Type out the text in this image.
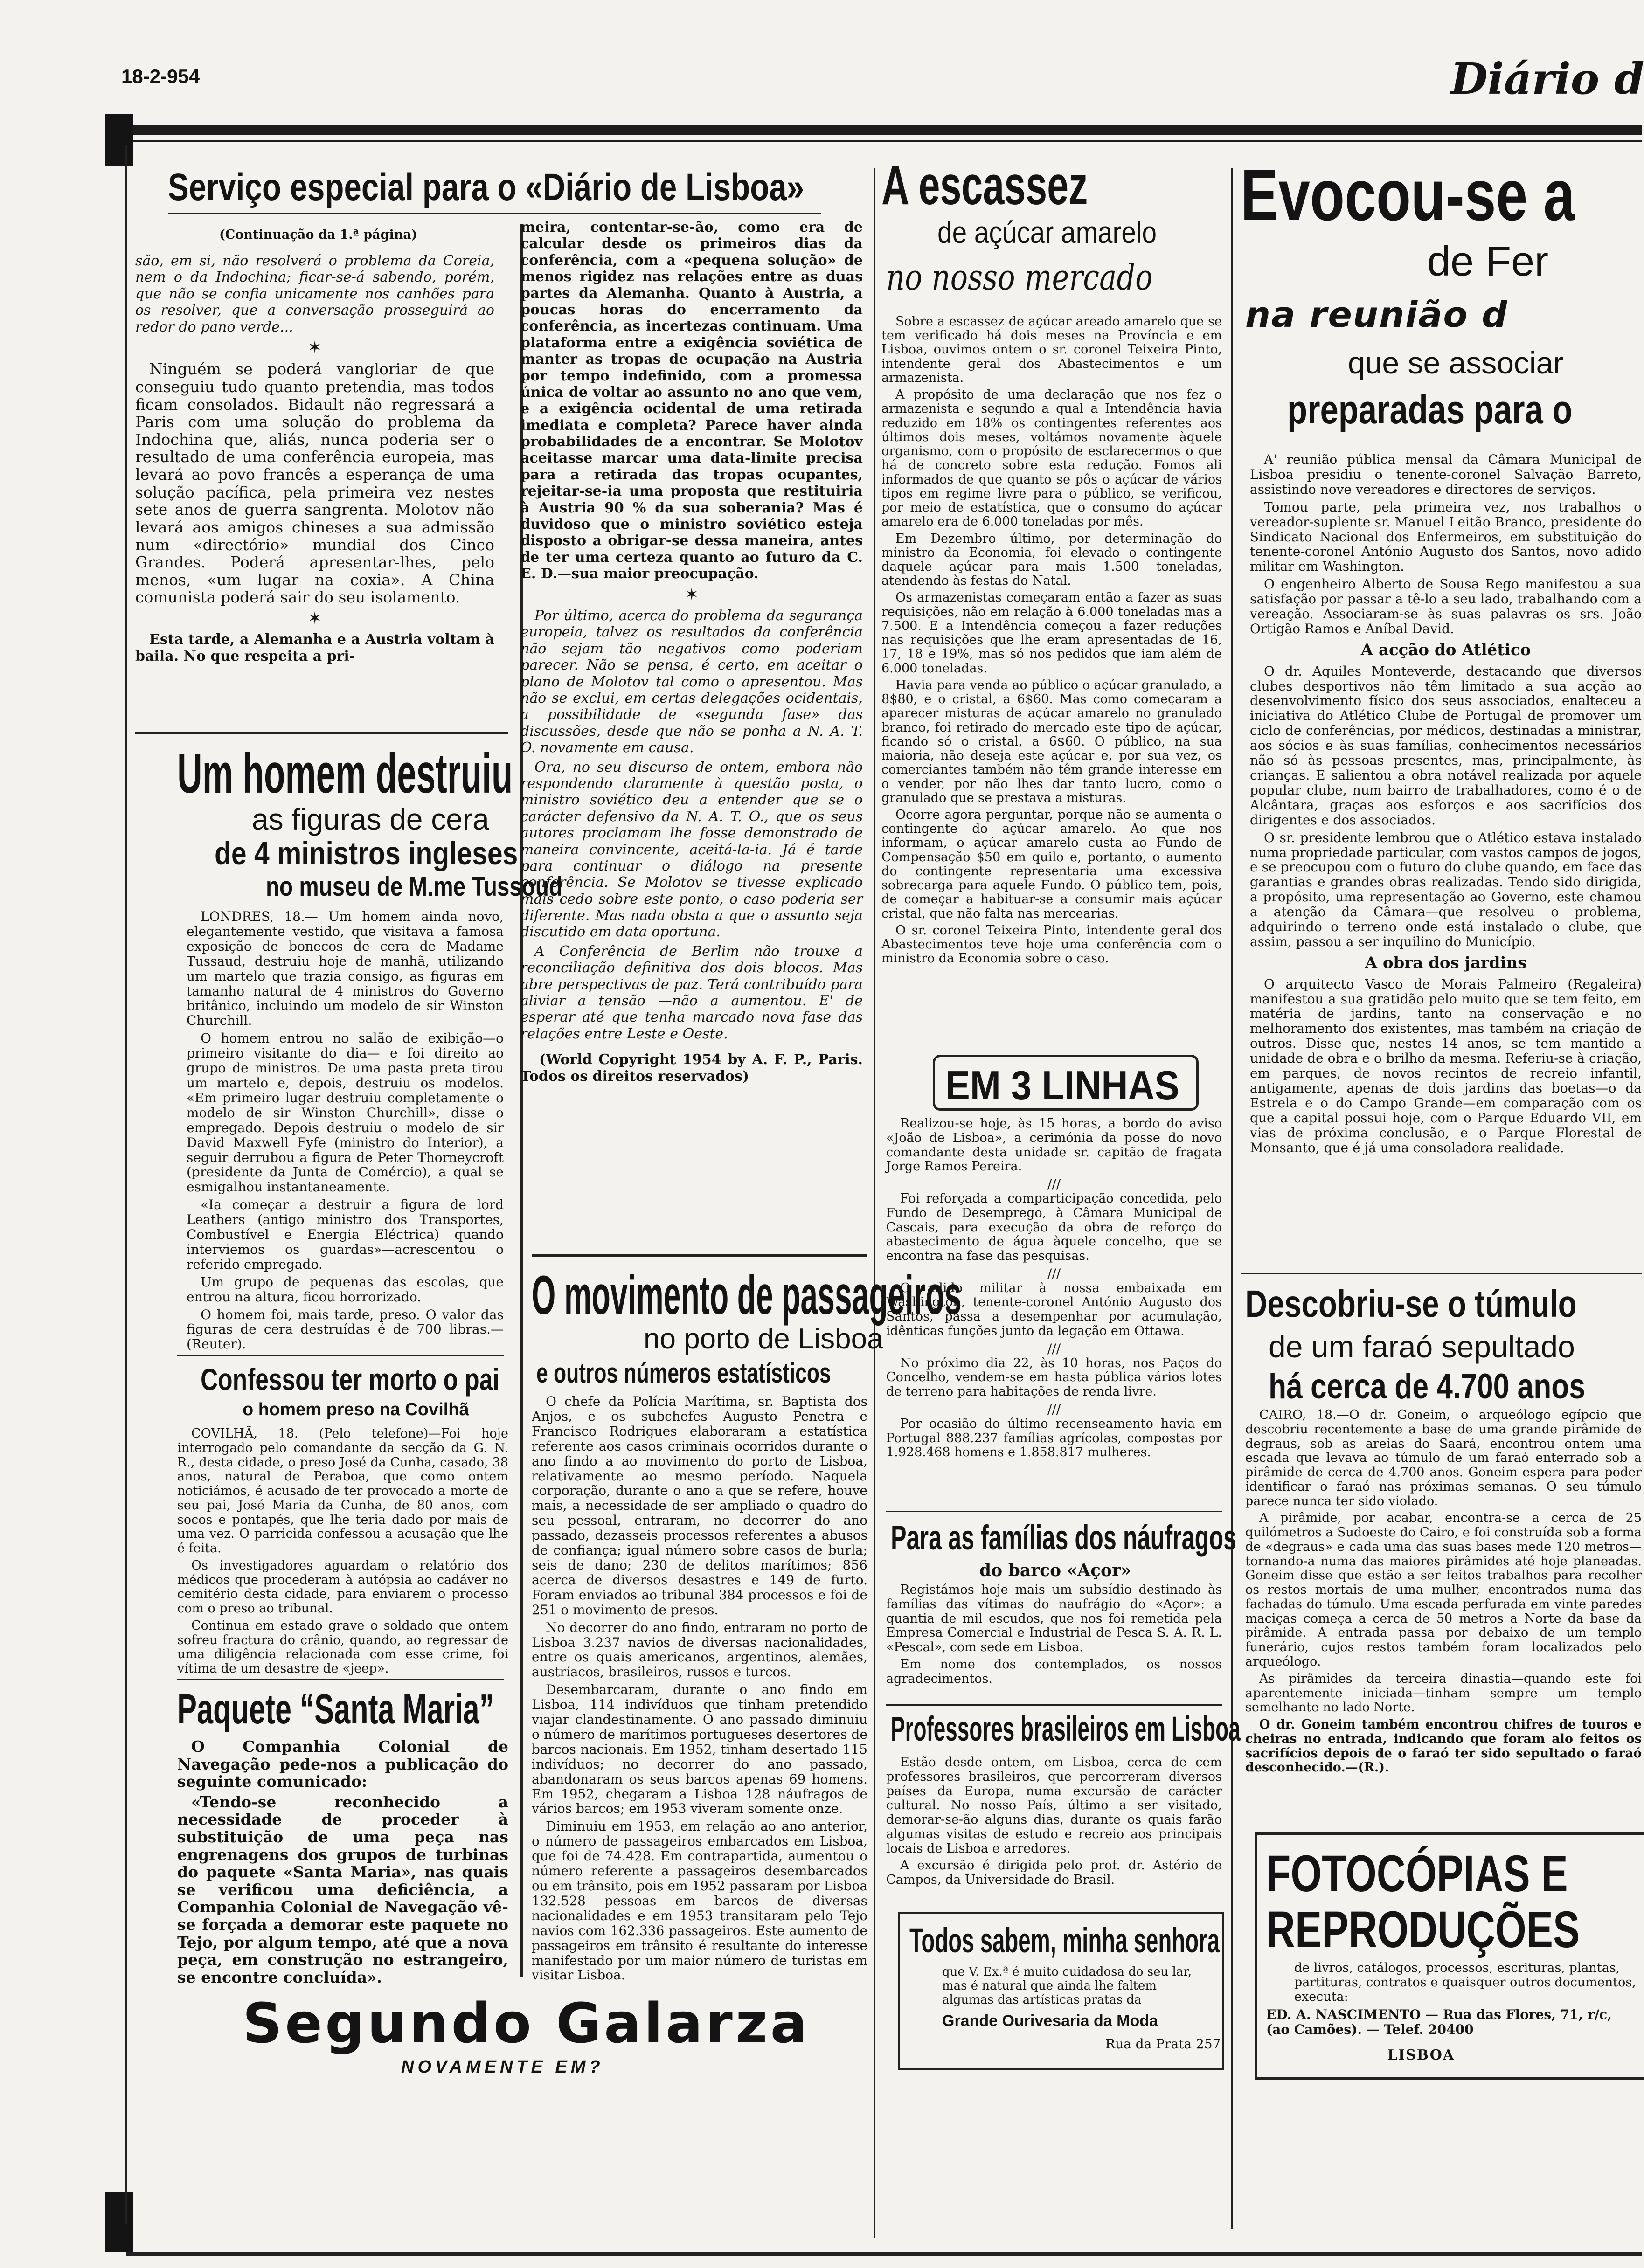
18-2-954	Diário d
Serviço especial para o «Diário de Lisboa»
(Continuação da 1.ª página)

são, em si, não resolverá o problema da Coreia, nem o da Indochina; ficar-se-á sabendo, porém, que não se confia unicamente nos canhões para os resolver, que a conversação prosseguirá ao redor do pano verde...

✶

Ninguém se poderá vangloriar de que conseguiu tudo quanto pretendia, mas todos ficam consolados. Bidault não regressará a Paris com uma solução do problema da Indochina que, aliás, nunca poderia ser o resultado de uma conferência europeia, mas levará ao povo francês a esperança de uma solução pacífica, pela primeira vez nestes sete anos de guerra sangrenta. Molotov não levará aos amigos chineses a sua admissão num «directório» mundial dos Cinco Grandes. Poderá apresentar-lhes, pelo menos, «um lugar na coxia». A China comunista poderá sair do seu isolamento.

✶

Esta tarde, a Alemanha e a Austria voltam à baila. No que respeita a pri-

meira, contentar-se-ão, como era de calcular desde os primeiros dias da conferência, com a «pequena solução» de menos rigidez nas relações entre as duas partes da Alemanha. Quanto à Austria, a poucas horas do encerramento da conferência, as incertezas continuam. Uma plataforma entre a exigência soviética de manter as tropas de ocupação na Austria por tempo indefinido, com a promessa única de voltar ao assunto no ano que vem, e a exigência ocidental de uma retirada imediata e completa? Parece haver ainda probabilidades de a encontrar. Se Molotov aceitasse marcar uma data-limite precisa para a retirada das tropas ocupantes, rejeitar-se-ia uma proposta que restituiria à Austria 90 % da sua soberania? Mas é duvidoso que o ministro soviético esteja disposto a obrigar-se dessa maneira, antes de ter uma certeza quanto ao futuro da C. E. D.—sua maior preocupação.

✶

Por último, acerca do problema da segurança europeia, talvez os resultados da conferência não sejam tão negativos como poderiam parecer. Não se pensa, é certo, em aceitar o plano de Molotov tal como o apresentou. Mas não se exclui, em certas delegações ocidentais, a possibilidade de «segunda fase» das discussões, desde que não se ponha a N. A. T. O. novamente em causa.

Ora, no seu discurso de ontem, embora não respondendo claramente à questão posta, o ministro soviético deu a entender que se o carácter defensivo da N. A. T. O., que os seus autores proclamam lhe fosse demonstrado de maneira convincente, aceitá-la-ia. Já é tarde para continuar o diálogo na presente conferência. Se Molotov se tivesse explicado mais cedo sobre este ponto, o caso poderia ser diferente. Mas nada obsta a que o assunto seja discutido em data oportuna.

A Conferência de Berlim não trouxe a reconciliação definitiva dos dois blocos. Mas abre perspectivas de paz. Terá contribuído para aliviar a tensão —não a aumentou. E' de esperar até que tenha marcado nova fase das relações entre Leste e Oeste.

(World Copyright 1954 by A. F. P., Paris. Todos os direitos reservados)

Um homem destruiu
as figuras de cera
de 4 ministros ingleses
no museu de M.me Tussoud

LONDRES, 18.— Um homem ainda novo, elegantemente vestido, que visitava a famosa exposição de bonecos de cera de Madame Tussaud, destruiu hoje de manhã, utilizando um martelo que trazia consigo, as figuras em tamanho natural de 4 ministros do Governo britânico, incluindo um modelo de sir Winston Churchill.

O homem entrou no salão de exibição—o primeiro visitante do dia— e foi direito ao grupo de ministros. De uma pasta preta tirou um martelo e, depois, destruiu os modelos. «Em primeiro lugar destruiu completamente o modelo de sir Winston Churchill», disse o empregado. Depois destruiu o modelo de sir David Maxwell Fyfe (ministro do Interior), a seguir derrubou a figura de Peter Thorneycroft (presidente da Junta de Comércio), a qual se esmigalhou instantaneamente.

«Ia começar a destruir a figura de lord Leathers (antigo ministro dos Transportes, Combustível e Energia Eléctrica) quando interviemos os guardas»—acrescentou o referido empregado.

Um grupo de pequenas das escolas, que entrou na altura, ficou horrorizado.

O homem foi, mais tarde, preso. O valor das figuras de cera destruídas é de 700 libras.—(Reuter).

Confessou ter morto o pai
o homem preso na Covilhã

COVILHÃ, 18. (Pelo telefone)—Foi hoje interrogado pelo comandante da secção da G. N. R., desta cidade, o preso José da Cunha, casado, 38 anos, natural de Peraboa, que como ontem noticiámos, é acusado de ter provocado a morte de seu pai, José Maria da Cunha, de 80 anos, com socos e pontapés, que lhe teria dado por mais de uma vez. O parricida confessou a acusação que lhe é feita.

Os investigadores aguardam o relatório dos médicos que procederam à autópsia ao cadáver no cemitério desta cidade, para enviarem o processo com o preso ao tribunal.

Continua em estado grave o soldado que ontem sofreu fractura do crânio, quando, ao regressar de uma diligência relacionada com esse crime, foi vítima de um desastre de «jeep».

Paquete “Santa Maria”

O Companhia Colonial de Navegação pede-nos a publicação do seguinte comunicado:

«Tendo-se reconhecido a necessidade de proceder à substituição de uma peça nas engrenagens dos grupos de turbinas do paquete «Santa Maria», nas quais se verificou uma deficiência, a Companhia Colonial de Navegação vê-se forçada a demorar este paquete no Tejo, por algum tempo, até que a nova peça, em construção no estrangeiro, se encontre concluída».

O movimento de passageiros
no porto de Lisboa
e outros números estatísticos

O chefe da Polícia Marítima, sr. Baptista dos Anjos, e os subchefes Augusto Penetra e Francisco Rodrigues elaboraram a estatística referente aos casos criminais ocorridos durante o ano findo a ao movimento do porto de Lisboa, relativamente ao mesmo período. Naquela corporação, durante o ano a que se refere, houve mais, a necessidade de ser ampliado o quadro do seu pessoal, entraram, no decorrer do ano passado, dezasseis processos referentes a abusos de confiança; igual número sobre casos de burla; seis de dano; 230 de delitos marítimos; 856 acerca de diversos desastres e 149 de furto. Foram enviados ao tribunal 384 processos e foi de 251 o movimento de presos.

No decorrer do ano findo, entraram no porto de Lisboa 3.237 navios de diversas nacionalidades, entre os quais americanos, argentinos, alemães, austríacos, brasileiros, russos e turcos.

Desembarcaram, durante o ano findo em Lisboa, 114 indivíduos que tinham pretendido viajar clandestinamente. O ano passado diminuiu o número de marítimos portugueses desertores de barcos nacionais. Em 1952, tinham desertado 115 indivíduos; no decorrer do ano passado, abandonaram os seus barcos apenas 69 homens. Em 1952, chegaram a Lisboa 128 náufragos de vários barcos; em 1953 viveram somente onze.

Diminuiu em 1953, em relação ao ano anterior, o número de passageiros embarcados em Lisboa, que foi de 74.428. Em contrapartida, aumentou o número referente a passageiros desembarcados ou em trânsito, pois em 1952 passaram por Lisboa 132.528 pessoas em barcos de diversas nacionalidades e em 1953 transitaram pelo Tejo navios com 162.336 passageiros. Este aumento de passageiros em trânsito é resultante do interesse manifestado por um maior número de turistas em visitar Lisboa.

A escassez
de açúcar amarelo
no nosso mercado

Sobre a escassez de açúcar areado amarelo que se tem verificado há dois meses na Província e em Lisboa, ouvimos ontem o sr. coronel Teixeira Pinto, intendente geral dos Abastecimentos e um armazenista.

A propósito de uma declaração que nos fez o armazenista e segundo a qual a Intendência havia reduzido em 18% os contingentes referentes aos últimos dois meses, voltámos novamente àquele organismo, com o propósito de esclarecermos o que há de concreto sobre esta redução. Fomos ali informados de que quanto se pôs o açúcar de vários tipos em regime livre para o público, se verificou, por meio de estatística, que o consumo do açúcar amarelo era de 6.000 toneladas por mês.

Em Dezembro último, por determinação do ministro da Economia, foi elevado o contingente daquele açúcar para mais 1.500 toneladas, atendendo às festas do Natal.

Os armazenistas começaram então a fazer as suas requisições, não em relação à 6.000 toneladas mas a 7.500. E a Intendência começou a fazer reduções nas requisições que lhe eram apresentadas de 16, 17, 18 e 19%, mas só nos pedidos que iam além de 6.000 toneladas.

Havia para venda ao público o açúcar granulado, a 8$80, e o cristal, a 6$60. Mas como começaram a aparecer misturas de açúcar amarelo no granulado branco, foi retirado do mercado este tipo de açúcar, ficando só o cristal, a 6$60. O público, na sua maioria, não deseja este açúcar e, por sua vez, os comerciantes também não têm grande interesse em o vender, por não lhes dar tanto lucro, como o granulado que se prestava a misturas.

Ocorre agora perguntar, porque não se aumenta o contingente do açúcar amarelo. Ao que nos informam, o açúcar amarelo custa ao Fundo de Compensação $50 em quilo e, portanto, o aumento do contingente representaria uma excessiva sobrecarga para aquele Fundo. O público tem, pois, de começar a habituar-se a consumir mais açúcar cristal, que não falta nas mercearias.

O sr. coronel Teixeira Pinto, intendente geral dos Abastecimentos teve hoje uma conferência com o ministro da Economia sobre o caso.

EM 3 LINHAS

Realizou-se hoje, às 15 horas, a bordo do aviso «João de Lisboa», a cerimónia da posse do novo comandante desta unidade sr. capitão de fragata Jorge Ramos Pereira.

///

Foi reforçada a comparticipação concedida, pelo Fundo de Desemprego, à Câmara Municipal de Cascais, para execução da obra de reforço do abastecimento de água àquele concelho, que se encontra na fase das pesquisas.

///

O adido militar à nossa embaixada em Washington, tenente-coronel António Augusto dos Santos, passa a desempenhar por acumulação, idênticas funções junto da legação em Ottawa.

///

No próximo dia 22, às 10 horas, nos Paços do Concelho, vendem-se em hasta pública vários lotes de terreno para habitações de renda livre.

///

Por ocasião do último recenseamento havia em Portugal 888.237 famílias agrícolas, compostas por 1.928.468 homens e 1.858.817 mulheres.

Para as famílias dos náufragos
do barco «Açor»

Registámos hoje mais um subsídio destinado às famílias das vítimas do naufrágio do «Açor»: a quantia de mil escudos, que nos foi remetida pela Empresa Comercial e Industrial de Pesca S. A. R. L. «Pescal», com sede em Lisboa.

Em nome dos contemplados, os nossos agradecimentos.

Professores brasileiros em Lisboa

Estão desde ontem, em Lisboa, cerca de cem professores brasileiros, que percorreram diversos países da Europa, numa excursão de carácter cultural. No nosso País, último a ser visitado, demorar-se-ão alguns dias, durante os quais farão algumas visitas de estudo e recreio aos principais locais de Lisboa e arredores.

A excursão é dirigida pelo prof. dr. Astério de Campos, da Universidade do Brasil.

Todos sabem, minha senhora
que V. Ex.ª é muito cuidadosa do seu lar, mas é natural que ainda lhe faltem algumas das artísticas pratas da
Grande Ourivesaria da Moda
Rua da Prata 257
Segundo Galarza
NOVAMENTE EM?
Evocou-se a
de Fer
na reunião d
que se associar
preparadas para o

A' reunião pública mensal da Câmara Municipal de Lisboa presidiu o tenente-coronel Salvação Barreto, assistindo nove vereadores e directores de serviços.

Tomou parte, pela primeira vez, nos trabalhos o vereador-suplente sr. Manuel Leitão Branco, presidente do Sindicato Nacional dos Enfermeiros, em substituição do tenente-coronel António Augusto dos Santos, novo adido militar em Washington.

O engenheiro Alberto de Sousa Rego manifestou a sua satisfação por passar a tê-lo a seu lado, trabalhando com a vereação. Associaram-se às suas palavras os srs. João Ortigão Ramos e Aníbal David.

A acção do Atlético

O dr. Aquiles Monteverde, destacando que diversos clubes desportivos não têm limitado a sua acção ao desenvolvimento físico dos seus associados, enalteceu a iniciativa do Atlético Clube de Portugal de promover um ciclo de conferências, por médicos, destinadas a ministrar, aos sócios e às suas famílias, conhecimentos necessários não só às pessoas presentes, mas, principalmente, às crianças. E salientou a obra notável realizada por aquele popular clube, num bairro de trabalhadores, como é o de Alcântara, graças aos esforços e aos sacrifícios dos dirigentes e dos associados.

O sr. presidente lembrou que o Atlético estava instalado numa propriedade particular, com vastos campos de jogos, e se preocupou com o futuro do clube quando, em face das garantias e grandes obras realizadas. Tendo sido dirigida, a propósito, uma representação ao Governo, este chamou a atenção da Câmara—que resolveu o problema, adquirindo o terreno onde está instalado o clube, que assim, passou a ser inquilino do Município.

A obra dos jardins

O arquitecto Vasco de Morais Palmeiro (Regaleira) manifestou a sua gratidão pelo muito que se tem feito, em matéria de jardins, tanto na conservação e no melhoramento dos existentes, mas também na criação de outros. Disse que, nestes 14 anos, se tem mantido a unidade de obra e o brilho da mesma. Referiu-se à criação, em parques, de novos recintos de recreio infantil, antigamente, apenas de dois jardins das boetas—o da Estrela e o do Campo Grande—em comparação com os que a capital possui hoje, com o Parque Eduardo VII, em vias de próxima conclusão, e o Parque Florestal de Monsanto, que é já uma consoladora realidade.

Descobriu-se o túmulo
de um faraó sepultado
há cerca de 4.700 anos

CAIRO, 18.—O dr. Goneim, o arqueólogo egípcio que descobriu recentemente a base de uma grande pirâmide de degraus, sob as areias do Saará, encontrou ontem uma escada que levava ao túmulo de um faraó enterrado sob a pirâmide de cerca de 4.700 anos. Goneim espera para poder identificar o faraó nas próximas semanas. O seu túmulo parece nunca ter sido violado.

A pirâmide, por acabar, encontra-se a cerca de 25 quilómetros a Sudoeste do Cairo, e foi construída sob a forma de «degraus» e cada uma das suas bases mede 120 metros—tornando-a numa das maiores pirâmides até hoje planeadas. Goneim disse que estão a ser feitos trabalhos para recolher os restos mortais de uma mulher, encontrados numa das fachadas do túmulo. Uma escada perfurada em vinte paredes maciças começa a cerca de 50 metros a Norte da base da pirâmide. A entrada passa por debaixo de um templo funerário, cujos restos também foram localizados pelo arqueólogo.

As pirâmides da terceira dinastia—quando este foi aparentemente iniciada—tinham sempre um templo semelhante no lado Norte.

O dr. Goneim também encontrou chifres de touros e cheiras no entrada, indicando que foram alo feitos os sacrifícios depois de o faraó ter sido sepultado o faraó desconhecido.—(R.).

FOTOCÓPIAS E
REPRODUÇÕES
de livros, catálogos, processos, escrituras, plantas, partituras, contratos e quaisquer outros documentos, executa:
ED. A. NASCIMENTO — Rua das Flores, 71, r/c, (ao Camões). — Telef. 20400
LISBOA
